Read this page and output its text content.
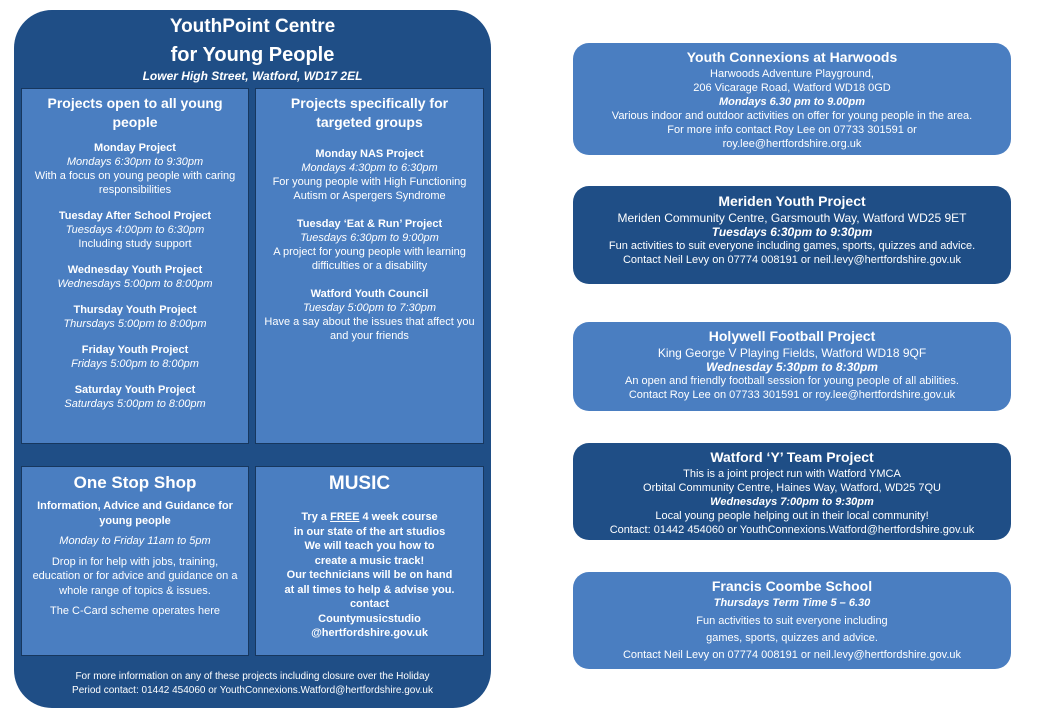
YouthPoint Centre
for Young People
Lower High Street, Watford, WD17 2EL
Projects open to all young people
Monday Project
Mondays 6:30pm to 9:30pm
With a focus on young people with caring responsibilities
Tuesday After School Project
Tuesdays 4:00pm to 6:30pm
Including study support
Wednesday Youth Project
Wednesdays 5:00pm to 8:00pm
Thursday Youth Project
Thursdays 5:00pm to 8:00pm
Friday Youth Project
Fridays 5:00pm to 8:00pm
Saturday Youth Project
Saturdays 5:00pm to 8:00pm
Projects specifically for targeted groups
Monday NAS Project
Mondays 4:30pm to 6:30pm
For young people with High Functioning Autism or Aspergers Syndrome
Tuesday ‘Eat & Run’ Project
Tuesdays 6:30pm to 9:00pm
A project for young people with learning difficulties or a disability
Watford Youth Council
Tuesday 5:00pm to 7:30pm
Have a say about the issues that affect you and your friends
One Stop Shop
Information, Advice and Guidance for young people
Monday to Friday 11am to 5pm
Drop in for help with jobs, training, education or for advice and guidance on a whole range of topics & issues.
The C-Card scheme operates here
MUSIC
Try a FREE 4 week course
in our state of the art studios
We will teach you how to
create a music track!
Our technicians will be on hand
at all times to help & advise you.
contact
Countymusicstudio
@hertfordshire.gov.uk
For more information on any of these projects including closure over the Holiday
Period contact: 01442 454060 or YouthConnexions.Watford@hertfordshire.gov.uk
Youth Connexions at Harwoods
Harwoods Adventure Playground,
206 Vicarage Road, Watford WD18 0GD
Mondays 6.30 pm to 9.00pm
Various indoor and outdoor activities on offer for young people in the area.
For more info contact Roy Lee on 07733 301591 or
roy.lee@hertfordshire.org.uk
Meriden Youth Project
Meriden Community Centre, Garsmouth Way, Watford WD25 9ET
Tuesdays 6:30pm to 9:30pm
Fun activities to suit everyone including games, sports, quizzes and advice.
Contact Neil Levy on 07774 008191 or neil.levy@hertfordshire.gov.uk
Holywell Football Project
King George V Playing Fields, Watford WD18 9QF
Wednesday 5:30pm to 8:30pm
An open and friendly football session for young people of all abilities.
Contact Roy Lee on 07733 301591 or roy.lee@hertfordshire.gov.uk
Watford ‘Y’ Team Project
This is a joint project run with Watford YMCA
Orbital Community Centre, Haines Way, Watford, WD25 7QU
Wednesdays 7:00pm to 9:30pm
Local young people helping out in their local community!
Contact: 01442 454060 or YouthConnexions.Watford@hertfordshire.gov.uk
Francis Coombe School
Thursdays Term Time 5 – 6.30
Fun activities to suit everyone including
games, sports, quizzes and advice.
Contact Neil Levy on 07774 008191 or neil.levy@hertfordshire.gov.uk
